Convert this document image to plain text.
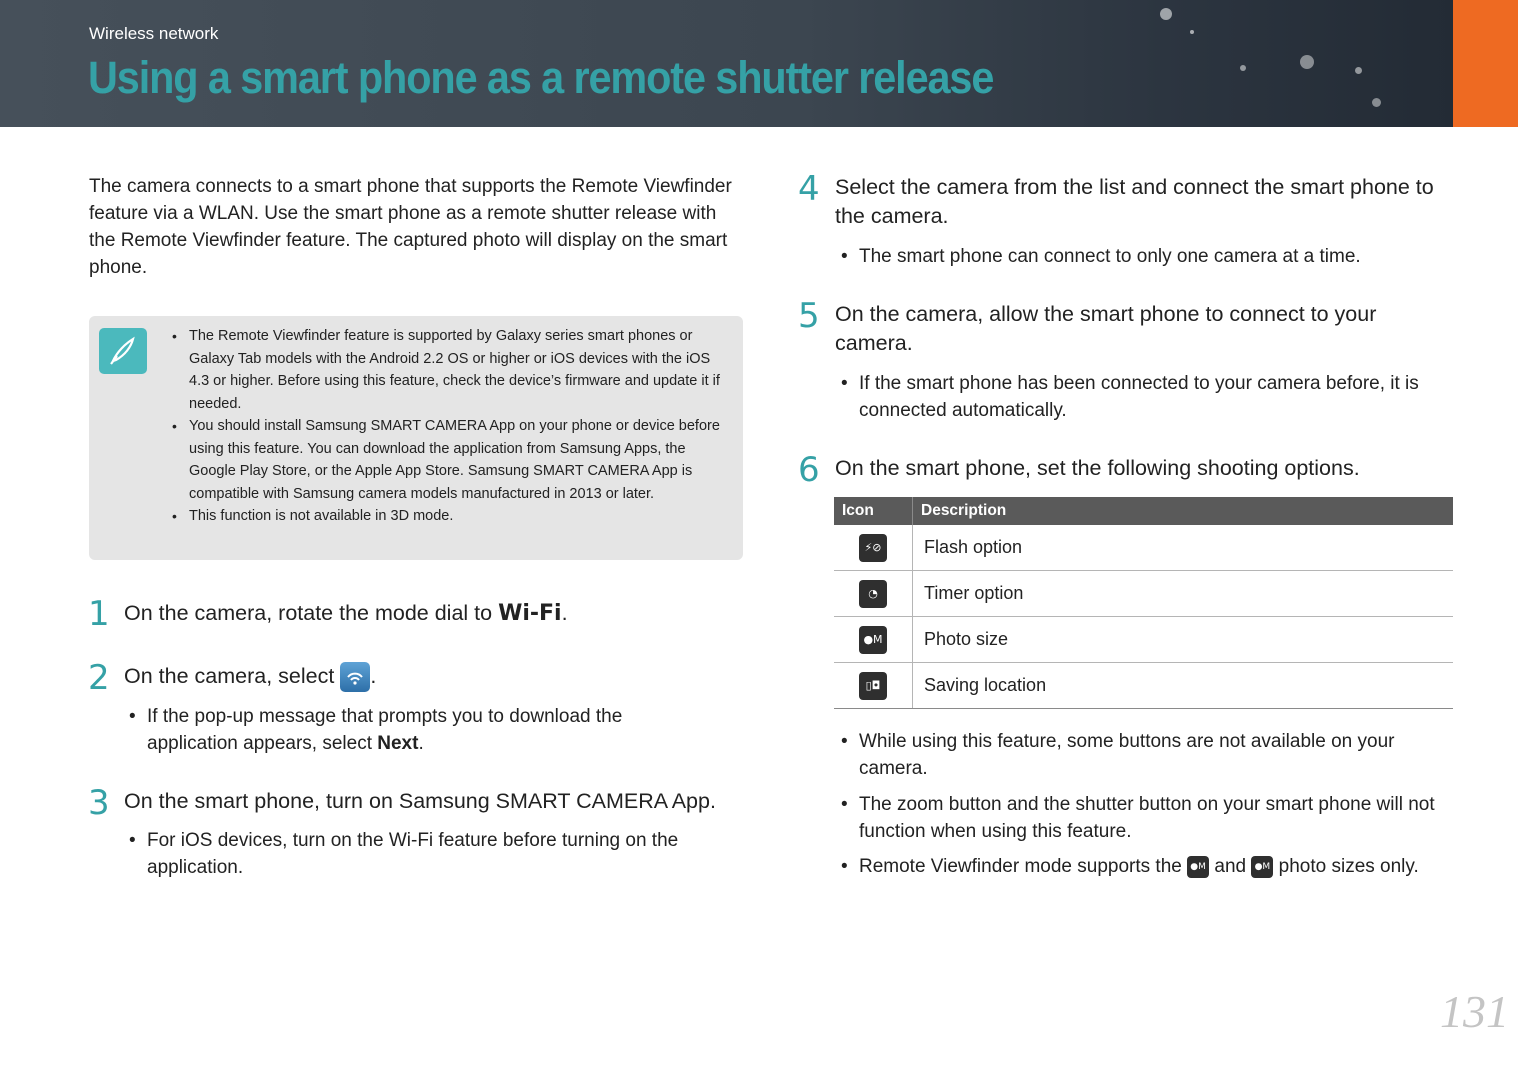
Wireless network
Using a smart phone as a remote shutter release
The camera connects to a smart phone that supports the Remote Viewfinder feature via a WLAN. Use the smart phone as a remote shutter release with the Remote Viewfinder feature. The captured photo will display on the smart phone.
• The Remote Viewfinder feature is supported by Galaxy series smart phones or Galaxy Tab models with the Android 2.2 OS or higher or iOS devices with the iOS 4.3 or higher. Before using this feature, check the device’s firmware and update it if needed.
• You should install Samsung SMART CAMERA App on your phone or device before using this feature. You can download the application from Samsung Apps, the Google Play Store, or the Apple App Store. Samsung SMART CAMERA App is compatible with Samsung camera models manufactured in 2013 or later.
• This function is not available in 3D mode.
1 On the camera, rotate the mode dial to Wi-Fi.
2 On the camera, select .
• If the pop-up message that prompts you to download the application appears, select Next.
3 On the smart phone, turn on Samsung SMART CAMERA App.
• For iOS devices, turn on the Wi-Fi feature before turning on the application.
4 Select the camera from the list and connect the smart phone to the camera.
• The smart phone can connect to only one camera at a time.
5 On the camera, allow the smart phone to connect to your camera.
• If the smart phone has been connected to your camera before, it is connected automatically.
6 On the smart phone, set the following shooting options.
Icon	Description
⚡⊘	Flash option
◔	Timer option
●M	Photo size
▯◘	Saving location
• While using this feature, some buttons are not available on your camera.
• The zoom button and the shutter button on your smart phone will not function when using this feature.
• Remote Viewfinder mode supports the ●M and ●M photo sizes only.
131
